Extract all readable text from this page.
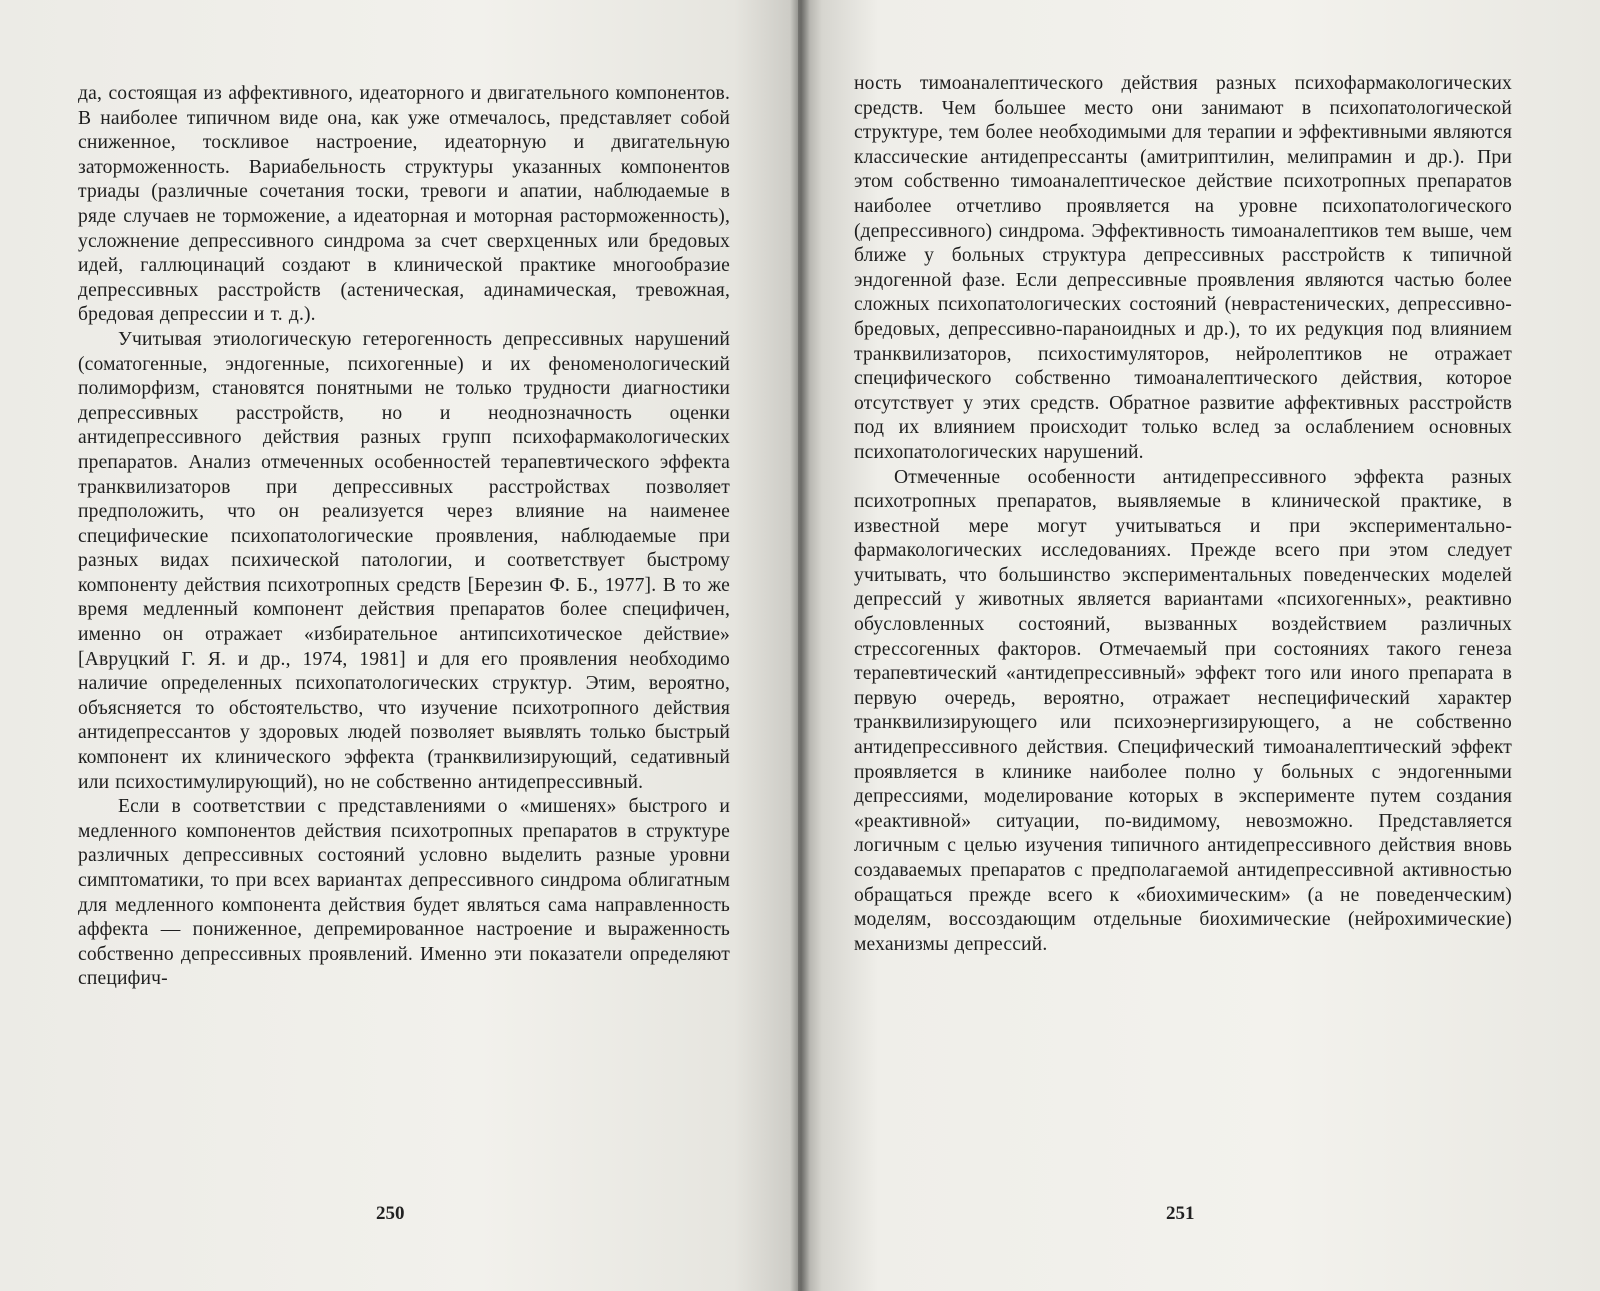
да, состоящая из аффективного, идеаторного и двигательного компонентов. В наиболее типичном виде она, как уже отмечалось, представляет собой сниженное, тоскливое настроение, идеаторную и двигательную заторможенность. Вариабельность структуры указанных компонентов триады (различные сочетания тоски, тревоги и апатии, наблюдаемые в ряде случаев не торможение, а идеаторная и моторная расторможенность), усложнение депрессивного синдрома за счет сверхценных или бредовых идей, галлюцинаций создают в клинической практике многообразие депрессивных расстройств (астеническая, адинамическая, тревожная, бредовая депрессии и т. д.).

Учитывая этиологическую гетерогенность депрессивных нарушений (соматогенные, эндогенные, психогенные) и их феноменологический полиморфизм, становятся понятными не только трудности диагностики депрессивных расстройств, но и неоднозначность оценки антидепрессивного действия разных групп психофармакологических препаратов. Анализ отмеченных особенностей терапевтического эффекта транквилизаторов при депрессивных расстройствах позволяет предположить, что он реализуется через влияние на наименее специфические психопатологические проявления, наблюдаемые при разных видах психической патологии, и соответствует быстрому компоненту действия психотропных средств [Березин Ф. Б., 1977]. В то же время медленный компонент действия препаратов более специфичен, именно он отражает «избирательное антипсихотическое действие» [Авруцкий Г. Я. и др., 1974, 1981] и для его проявления необходимо наличие определенных психопатологических структур. Этим, вероятно, объясняется то обстоятельство, что изучение психотропного действия антидепрессантов у здоровых людей позволяет выявлять только быстрый компонент их клинического эффекта (транквилизирующий, седативный или психостимулирующий), но не собственно антидепрессивный.

Если в соответствии с представлениями о «мишенях» быстрого и медленного компонентов действия психотропных препаратов в структуре различных депрессивных состояний условно выделить разные уровни симптоматики, то при всех вариантах депрессивного синдрома облигатным для медленного компонента действия будет являться сама направленность аффекта — пониженное, депремированное настроение и выраженность собственно депрессивных проявлений. Именно эти показатели определяют специфич-

250

ность тимоаналептического действия разных психофармакологических средств. Чем большее место они занимают в психопатологической структуре, тем более необходимыми для терапии и эффективными являются классические антидепрессанты (амитриптилин, мелипрамин и др.). При этом собственно тимоаналептическое действие психотропных препаратов наиболее отчетливо проявляется на уровне психопатологического (депрессивного) синдрома. Эффективность тимоаналептиков тем выше, чем ближе у больных структура депрессивных расстройств к типичной эндогенной фазе. Если депрессивные проявления являются частью более сложных психопатологических состояний (неврастенических, депрессивно-бредовых, депрессивно-параноидных и др.), то их редукция под влиянием транквилизаторов, психостимуляторов, нейролептиков не отражает специфического собственно тимоаналептического действия, которое отсутствует у этих средств. Обратное развитие аффективных расстройств под их влиянием происходит только вслед за ослаблением основных психопатологических нарушений.

Отмеченные особенности антидепрессивного эффекта разных психотропных препаратов, выявляемые в клинической практике, в известной мере могут учитываться и при экспериментально-фармакологических исследованиях. Прежде всего при этом следует учитывать, что большинство экспериментальных поведенческих моделей депрессий у животных является вариантами «психогенных», реактивно обусловленных состояний, вызванных воздействием различных стрессогенных факторов. Отмечаемый при состояниях такого генеза терапевтический «антидепрессивный» эффект того или иного препарата в первую очередь, вероятно, отражает неспецифический характер транквилизирующего или психоэнергизирующего, а не собственно антидепрессивного действия. Специфический тимоаналептический эффект проявляется в клинике наиболее полно у больных с эндогенными депрессиями, моделирование которых в эксперименте путем создания «реактивной» ситуации, по-видимому, невозможно. Представляется логичным с целью изучения типичного антидепрессивного действия вновь создаваемых препаратов с предполагаемой антидепрессивной активностью обращаться прежде всего к «биохимическим» (а не поведенческим) моделям, воссоздающим отдельные биохимические (нейрохимические) механизмы депрессий.

251
